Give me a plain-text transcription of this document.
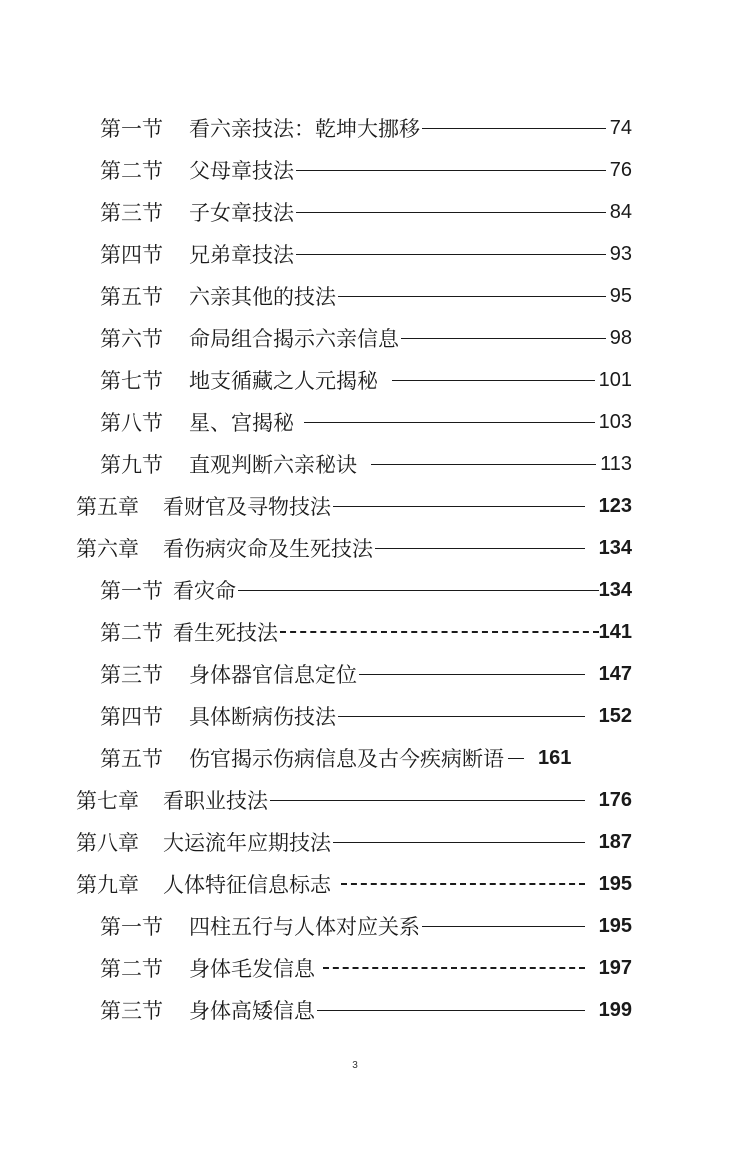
第一节 看六亲技法：乾坤大挪移	74
第二节 父母章技法	76
第三节 子女章技法	84
第四节 兄弟章技法	93
第五节 六亲其他的技法	95
第六节 命局组合揭示六亲信息	98
第七节 地支循藏之人元揭秘	101
第八节 星、宫揭秘	103
第九节 直观判断六亲秘诀	113
第五章 看财官及寻物技法	123
第六章 看伤病灾命及生死技法	134
第一节 看灾命	134
第二节 看生死技法	141
第三节 身体器官信息定位	147
第四节 具体断病伤技法	152
第五节 伤官揭示伤病信息及古今疾病断语 161
第七章 看职业技法	176
第八章 大运流年应期技法	187
第九章 人体特征信息标志	195
第一节 四柱五行与人体对应关系	195
第二节 身体毛发信息	197
第三节 身体高矮信息	199
3
